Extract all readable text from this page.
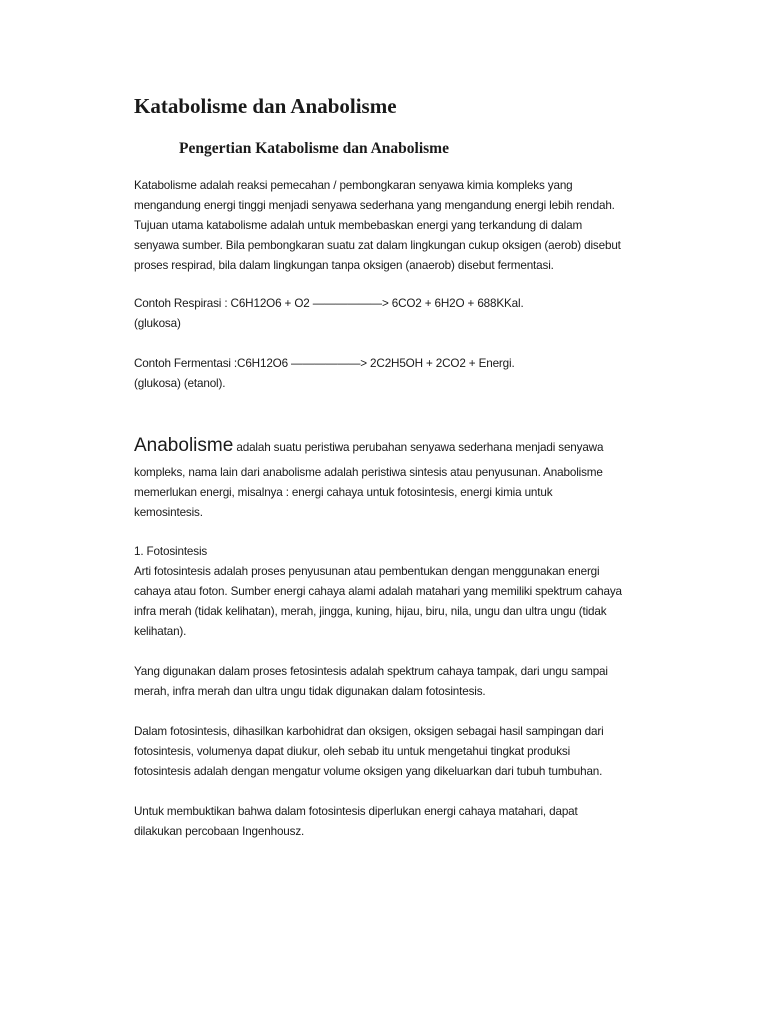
Katabolisme dan Anabolisme
Pengertian Katabolisme dan Anabolisme

Katabolisme adalah reaksi pemecahan / pembongkaran senyawa kimia kompleks yang
mengandung energi tinggi menjadi senyawa sederhana yang mengandung energi lebih rendah.
Tujuan utama katabolisme adalah untuk membebaskan energi yang terkandung di dalam
senyawa sumber. Bila pembongkaran suatu zat dalam lingkungan cukup oksigen (aerob) disebut
proses respirad, bila dalam lingkungan tanpa oksigen (anaerob) disebut fermentasi.

Contoh Respirasi : C6H12O6 + O2 ——————> 6CO2 + 6H2O + 688KKal.
(glukosa)

Contoh Fermentasi :C6H12O6 ——————> 2C2H5OH + 2CO2 + Energi.
(glukosa) (etanol).

Anabolisme adalah suatu peristiwa perubahan senyawa sederhana menjadi senyawa
kompleks, nama lain dari anabolisme adalah peristiwa sintesis atau penyusunan. Anabolisme
memerlukan energi, misalnya : energi cahaya untuk fotosintesis, energi kimia untuk
kemosintesis.

1. Fotosintesis
Arti fotosintesis adalah proses penyusunan atau pembentukan dengan menggunakan energi
cahaya atau foton. Sumber energi cahaya alami adalah matahari yang memiliki spektrum cahaya
infra merah (tidak kelihatan), merah, jingga, kuning, hijau, biru, nila, ungu dan ultra ungu (tidak
kelihatan).

Yang digunakan dalam proses fetosintesis adalah spektrum cahaya tampak, dari ungu sampai
merah, infra merah dan ultra ungu tidak digunakan dalam fotosintesis.

Dalam fotosintesis, dihasilkan karbohidrat dan oksigen, oksigen sebagai hasil sampingan dari
fotosintesis, volumenya dapat diukur, oleh sebab itu untuk mengetahui tingkat produksi
fotosintesis adalah dengan mengatur volume oksigen yang dikeluarkan dari tubuh tumbuhan.

Untuk membuktikan bahwa dalam fotosintesis diperlukan energi cahaya matahari, dapat
dilakukan percobaan Ingenhousz.
